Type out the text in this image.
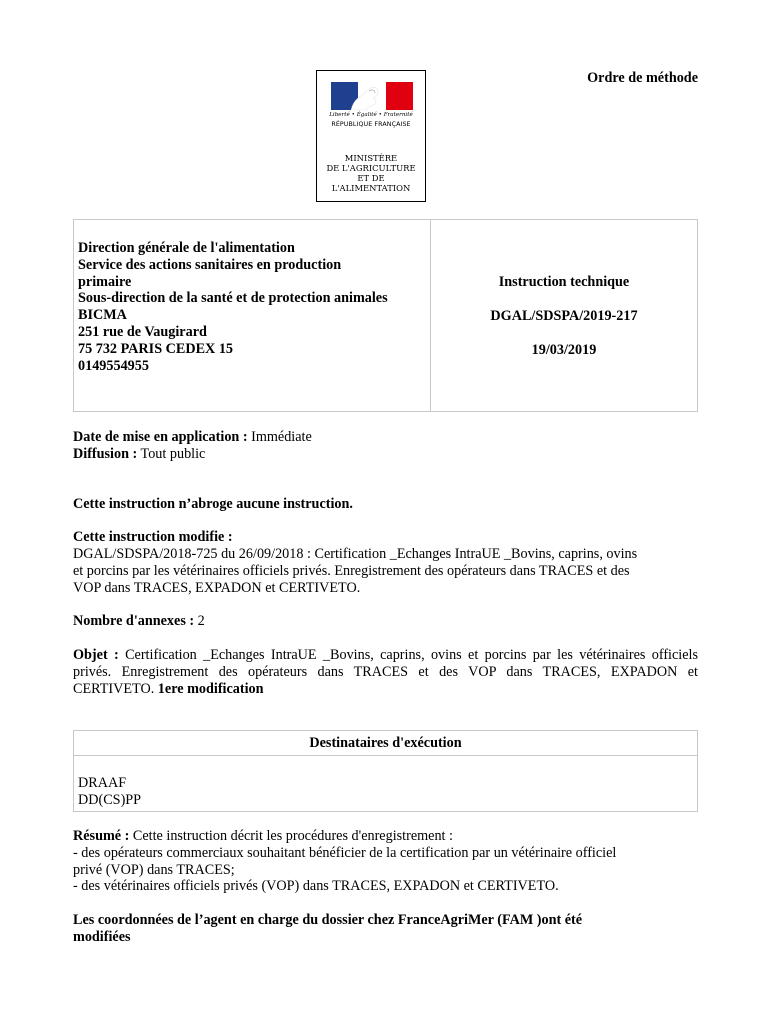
Ordre de méthode
Liberté • Égalité • Fraternité
RÉPUBLIQUE FRANÇAISE
MINISTÈRE
DE L'AGRICULTURE
ET DE
L'ALIMENTATION
Direction générale de l'alimentation
Service des actions sanitaires en production
primaire
Sous-direction de la santé et de protection animales
BICMA
251 rue de Vaugirard
75 732 PARIS CEDEX 15
0149554955
Instruction technique
DGAL/SDSPA/2019-217
19/03/2019
Date de mise en application : Immédiate
Diffusion : Tout public
Cette instruction n’abroge aucune instruction.
Cette instruction modifie :
DGAL/SDSPA/2018-725 du 26/09/2018 : Certification _Echanges IntraUE _Bovins, caprins, ovins
et porcins par les vétérinaires officiels privés. Enregistrement des opérateurs dans TRACES et des
VOP dans TRACES, EXPADON et CERTIVETO.
Nombre d'annexes : 2
Objet : Certification _Echanges IntraUE _Bovins, caprins, ovins et porcins par les vétérinaires officiels privés. Enregistrement des opérateurs dans TRACES et des VOP dans TRACES, EXPADON et CERTIVETO. 1ere modification
Destinataires d'exécution
DRAAF
DD(CS)PP
Résumé : Cette instruction décrit les procédures d'enregistrement :
- des opérateurs commerciaux souhaitant bénéficier de la certification par un vétérinaire officiel
privé (VOP) dans TRACES;
- des vétérinaires officiels privés (VOP) dans TRACES, EXPADON et CERTIVETO.
Les coordonnées de l’agent en charge du dossier chez FranceAgriMer (FAM )ont été
modifiées
